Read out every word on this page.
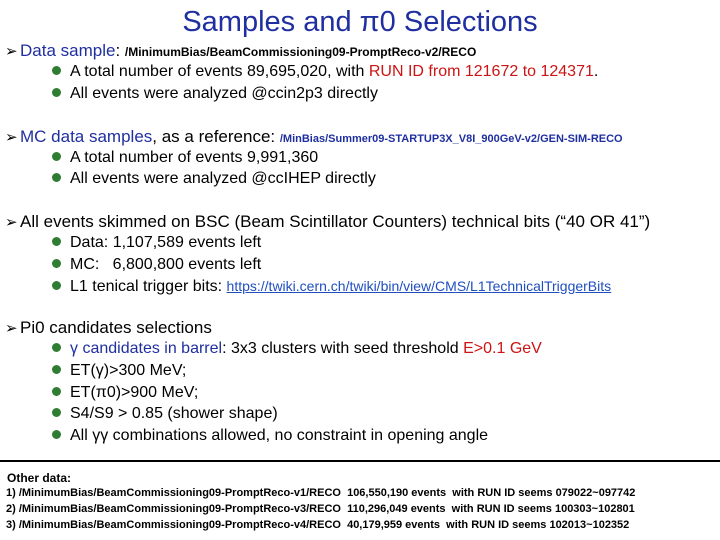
Samples and π0 Selections
➢ Data sample: /MinimumBias/BeamCommissioning09-PromptReco-v2/RECO
A total number of events 89,695,020, with RUN ID from 121672 to 124371.
All events were analyzed @ccin2p3 directly
➢ MC data samples, as a reference: /MinBias/Summer09-STARTUP3X_V8I_900GeV-v2/GEN-SIM-RECO
A total number of events 9,991,360
All events were analyzed @ccIHEP directly
➢ All events skimmed on BSC (Beam Scintillator Counters) technical bits (“40 OR 41”)
Data: 1,107,589 events left
MC:   6,800,800 events left
L1 tenical trigger bits: https://twiki.cern.ch/twiki/bin/view/CMS/L1TechnicalTriggerBits
➢ Pi0 candidates selections
γ candidates in barrel: 3x3 clusters with seed threshold E>0.1 GeV
ET(γ)>300 MeV;
ET(π0)>900 MeV;
S4/S9 > 0.85 (shower shape)
All γγ combinations allowed, no constraint in opening angle
Other data:
1) /MinimumBias/BeamCommissioning09-PromptReco-v1/RECO  106,550,190 events  with RUN ID seems 079022~097742
2) /MinimumBias/BeamCommissioning09-PromptReco-v3/RECO  110,296,049 events  with RUN ID seems 100303~102801
3) /MinimumBias/BeamCommissioning09-PromptReco-v4/RECO  40,179,959 events  with RUN ID seems 102013~102352
